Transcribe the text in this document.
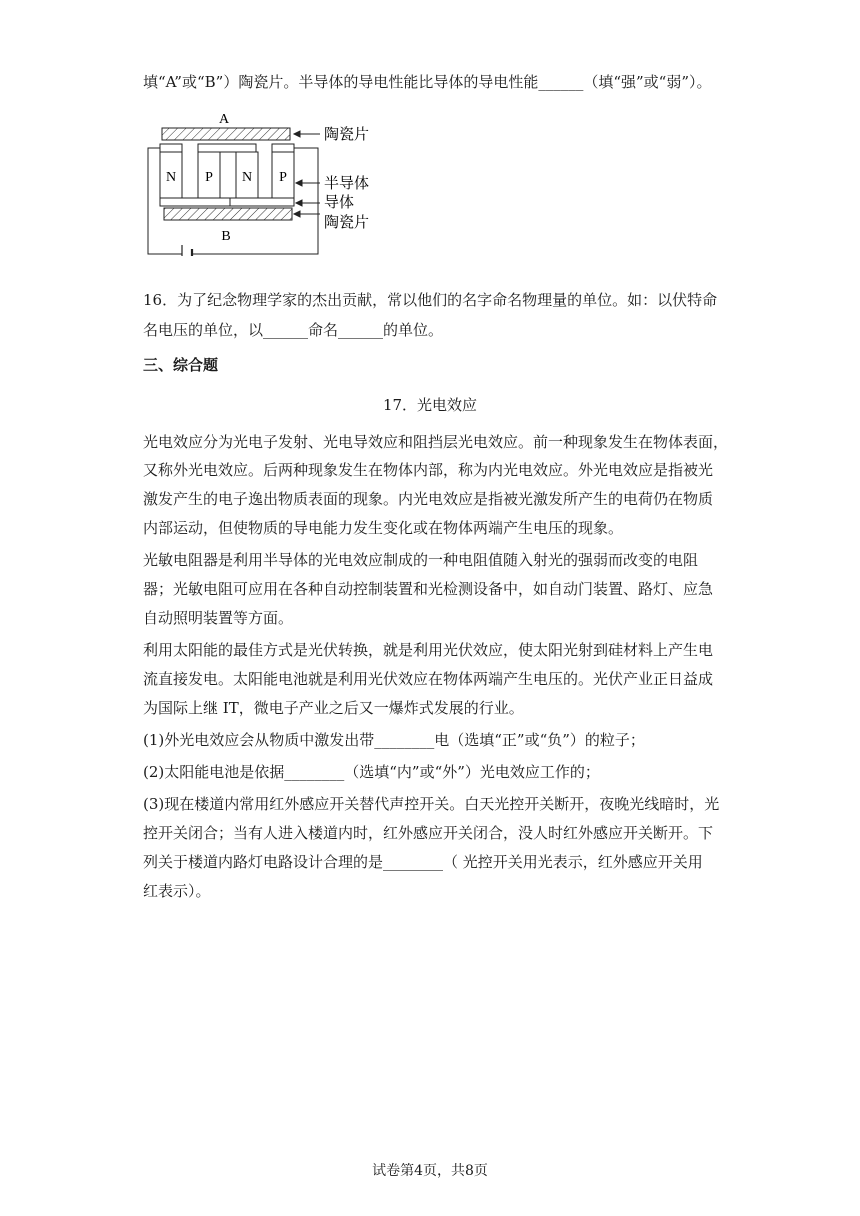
填“A”或“B”）陶瓷片。半导体的导电性能比导体的导电性能______（填“强”或“弱”）。
A
N P N P
B
陶瓷片
半导体
导体
陶瓷片
16．为了纪念物理学家的杰出贡献，常以他们的名字命名物理量的单位。如：以伏特命
名电压的单位，以______命名______的单位。
三、综合题
17．光电效应
光电效应分为光电子发射、光电导效应和阻挡层光电效应。前一种现象发生在物体表面，
又称外光电效应。后两种现象发生在物体内部，称为内光电效应。外光电效应是指被光
激发产生的电子逸出物质表面的现象。内光电效应是指被光激发所产生的电荷仍在物质
内部运动，但使物质的导电能力发生变化或在物体两端产生电压的现象。
光敏电阻器是利用半导体的光电效应制成的一种电阻值随入射光的强弱而改变的电阻
器；光敏电阻可应用在各种自动控制装置和光检测设备中，如自动门装置、路灯、应急
自动照明装置等方面。
利用太阳能的最佳方式是光伏转换，就是利用光伏效应，使太阳光射到硅材料上产生电
流直接发电。太阳能电池就是利用光伏效应在物体两端产生电压的。光伏产业正日益成
为国际上继 IT，微电子产业之后又一爆炸式发展的行业。
(1)外光电效应会从物质中激发出带________电（选填“正”或“负”）的粒子；
(2)太阳能电池是依据________（选填“内”或“外”）光电效应工作的；
(3)现在楼道内常用红外感应开关替代声控开关。白天光控开关断开，夜晚光线暗时，光
控开关闭合；当有人进入楼道内时，红外感应开关闭合，没人时红外感应开关断开。下
列关于楼道内路灯电路设计合理的是________（ 光控开关用光表示，红外感应开关用
红表示）。
试卷第4页，共8页
